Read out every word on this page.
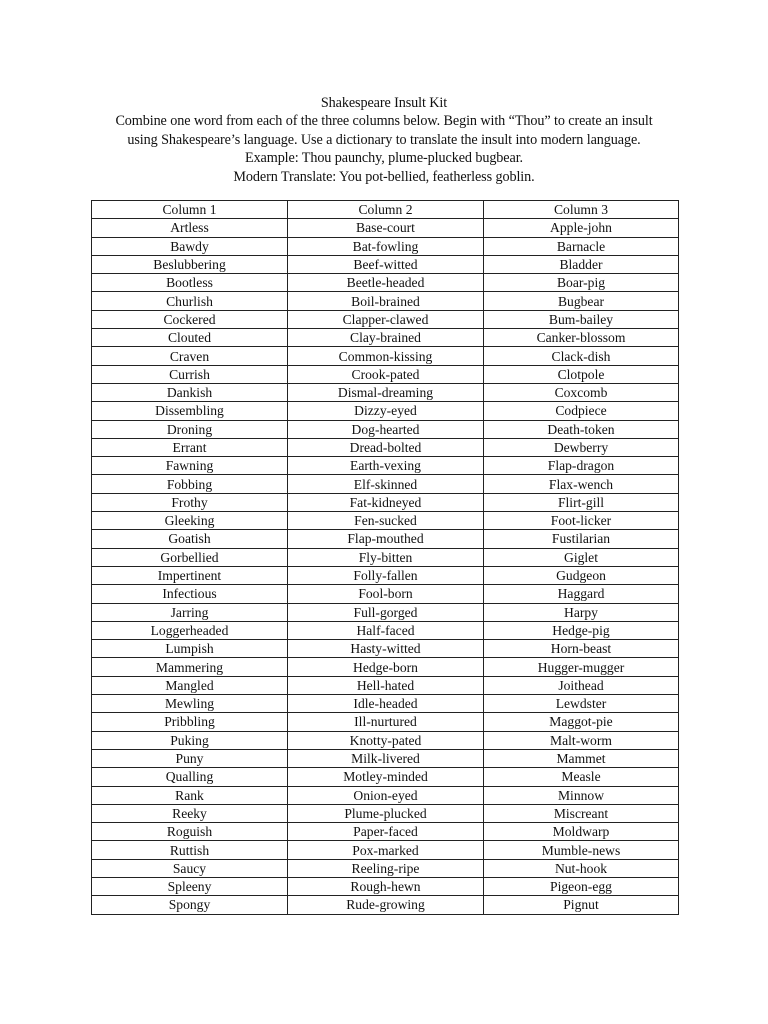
Shakespeare Insult Kit
Combine one word from each of the three columns below. Begin with “Thou” to create an insult
using Shakespeare’s language. Use a dictionary to translate the insult into modern language.
Example: Thou paunchy, plume-plucked bugbear.
Modern Translate: You pot-bellied, featherless goblin.
Column 1	Column 2	Column 3
Artless	Base-court	Apple-john
Bawdy	Bat-fowling	Barnacle
Beslubbering	Beef-witted	Bladder
Bootless	Beetle-headed	Boar-pig
Churlish	Boil-brained	Bugbear
Cockered	Clapper-clawed	Bum-bailey
Clouted	Clay-brained	Canker-blossom
Craven	Common-kissing	Clack-dish
Currish	Crook-pated	Clotpole
Dankish	Dismal-dreaming	Coxcomb
Dissembling	Dizzy-eyed	Codpiece
Droning	Dog-hearted	Death-token
Errant	Dread-bolted	Dewberry
Fawning	Earth-vexing	Flap-dragon
Fobbing	Elf-skinned	Flax-wench
Frothy	Fat-kidneyed	Flirt-gill
Gleeking	Fen-sucked	Foot-licker
Goatish	Flap-mouthed	Fustilarian
Gorbellied	Fly-bitten	Giglet
Impertinent	Folly-fallen	Gudgeon
Infectious	Fool-born	Haggard
Jarring	Full-gorged	Harpy
Loggerheaded	Half-faced	Hedge-pig
Lumpish	Hasty-witted	Horn-beast
Mammering	Hedge-born	Hugger-mugger
Mangled	Hell-hated	Joithead
Mewling	Idle-headed	Lewdster
Pribbling	Ill-nurtured	Maggot-pie
Puking	Knotty-pated	Malt-worm
Puny	Milk-livered	Mammet
Qualling	Motley-minded	Measle
Rank	Onion-eyed	Minnow
Reeky	Plume-plucked	Miscreant
Roguish	Paper-faced	Moldwarp
Ruttish	Pox-marked	Mumble-news
Saucy	Reeling-ripe	Nut-hook
Spleeny	Rough-hewn	Pigeon-egg
Spongy	Rude-growing	Pignut
